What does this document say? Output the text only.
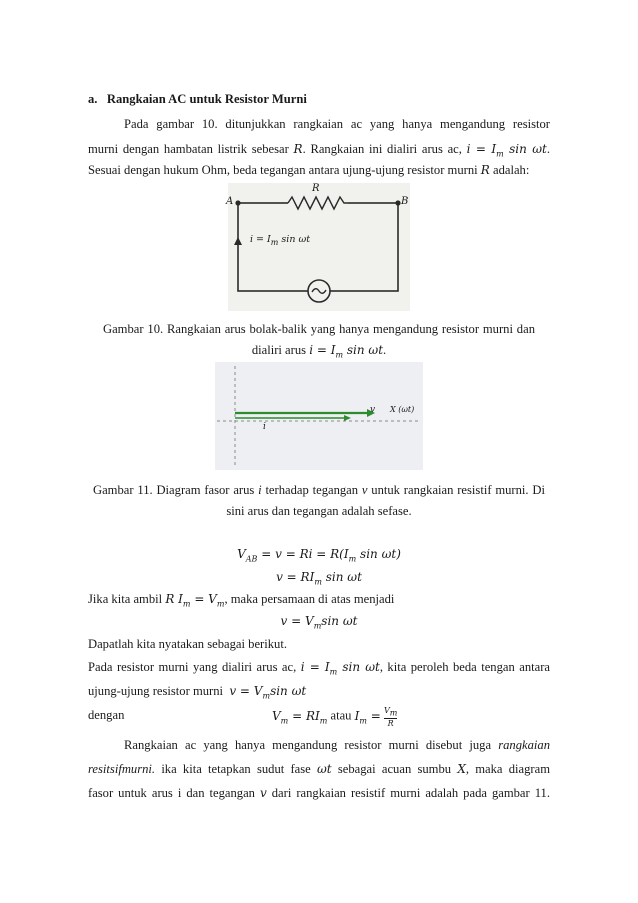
a. Rangkaian AC untuk Resistor Murni
Pada gambar 10. ditunjukkan rangkaian ac yang hanya mengandung resistor
murni dengan hambatan listrik sebesar R. Rangkaian ini dialiri arus ac, $i = I_m$ sin ωt.
Sesuai dengan hukum Ohm, beda tegangan antara ujung-ujung resistor murni R adalah:
R
A	B
$i = I_m$ sin ωt
Gambar 10. Rangkaian arus bolak-balik yang hanya mengandung resistor murni dan
dialiri arus $i = I_m$ sin ωt.
v X (ωt)
i
Gambar 11. Diagram fasor arus i terhadap tegangan v untuk rangkaian resistif murni. Di
sini arus dan tegangan adalah sefase.
$V_{AB} = v = Ri = R(I_m$ sin ωt)
$v = RI_m$ sin ωt
Jika kita ambil R $I_m = V_m$, maka persamaan di atas menjadi
$v = V_m\sin$ ωt
Dapatlah kita nyatakan sebagai berikut.
Pada resistor murni yang dialiri arus ac, $i = I_m$ sin ωt, kita peroleh beda tengan antara
ujung-ujung resistor murni $v = V_m\sin$ ωt
dengan	$V_m = RI_m$ atau $I_m = \frac{V_m}{R}$
Rangkaian ac yang hanya mengandung resistor murni disebut juga rangkaian
resitsifmurni. ika kita tetapkan sudut fase ωt sebagai acuan sumbu X, maka diagram
fasor untuk arus i dan tegangan v dari rangkaian resistif murni adalah pada gambar 11.
